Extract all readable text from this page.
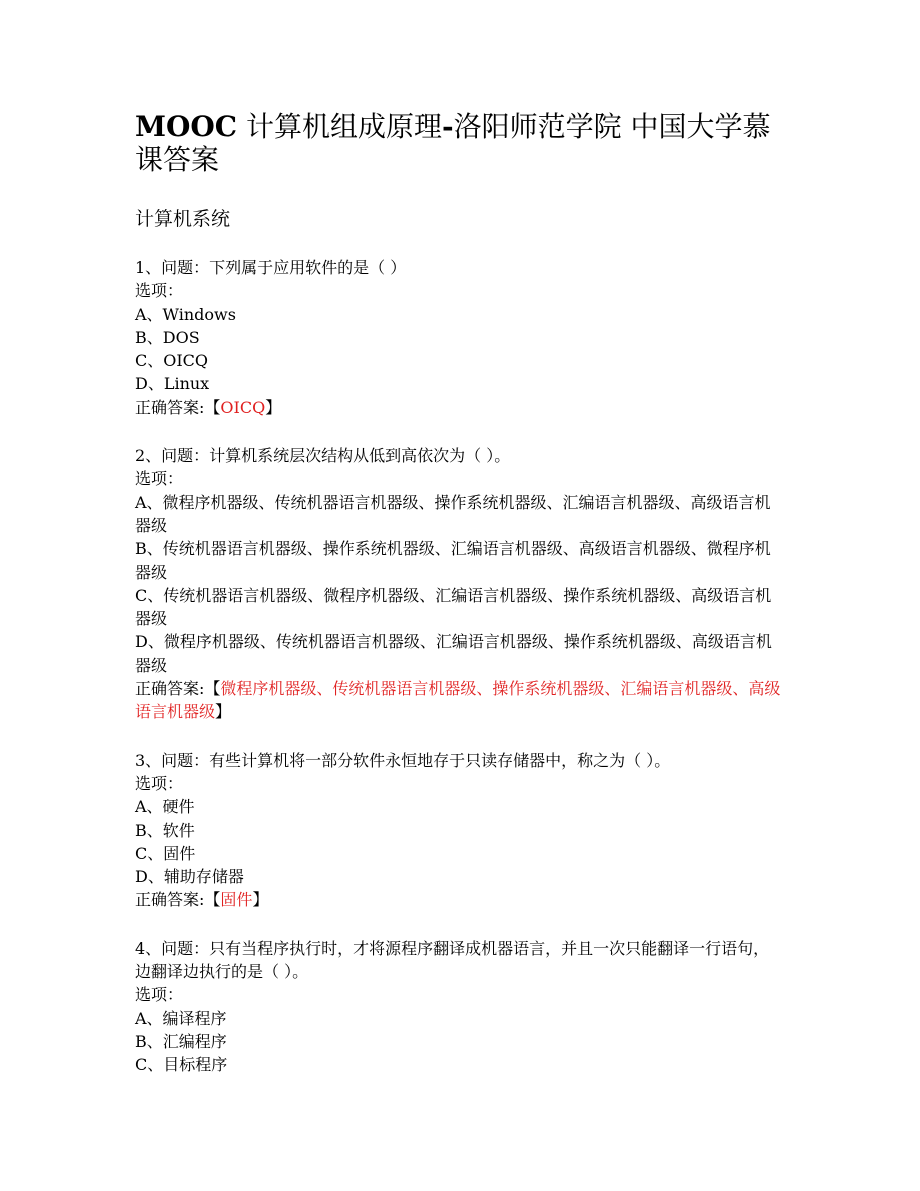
MOOC 计算机组成原理-洛阳师范学院 中国大学慕课答案
计算机系统
1、问题：下列属于应用软件的是（ ）
选项：
A、Windows
B、DOS
C、OICQ
D、Linux
正确答案:【OICQ】
2、问题：计算机系统层次结构从低到高依次为（ ）。
选项：
A、微程序机器级、传统机器语言机器级、操作系统机器级、汇编语言机器级、高级语言机器级
B、传统机器语言机器级、操作系统机器级、汇编语言机器级、高级语言机器级、微程序机器级
C、传统机器语言机器级、微程序机器级、汇编语言机器级、操作系统机器级、高级语言机器级
D、微程序机器级、传统机器语言机器级、汇编语言机器级、操作系统机器级、高级语言机器级
正确答案:【微程序机器级、传统机器语言机器级、操作系统机器级、汇编语言机器级、高级语言机器级】
3、问题：有些计算机将一部分软件永恒地存于只读存储器中，称之为（ ）。
选项：
A、硬件
B、软件
C、固件
D、辅助存储器
正确答案:【固件】
4、问题：只有当程序执行时，才将源程序翻译成机器语言，并且一次只能翻译一行语句，边翻译边执行的是（ ）。
选项：
A、编译程序
B、汇编程序
C、目标程序
